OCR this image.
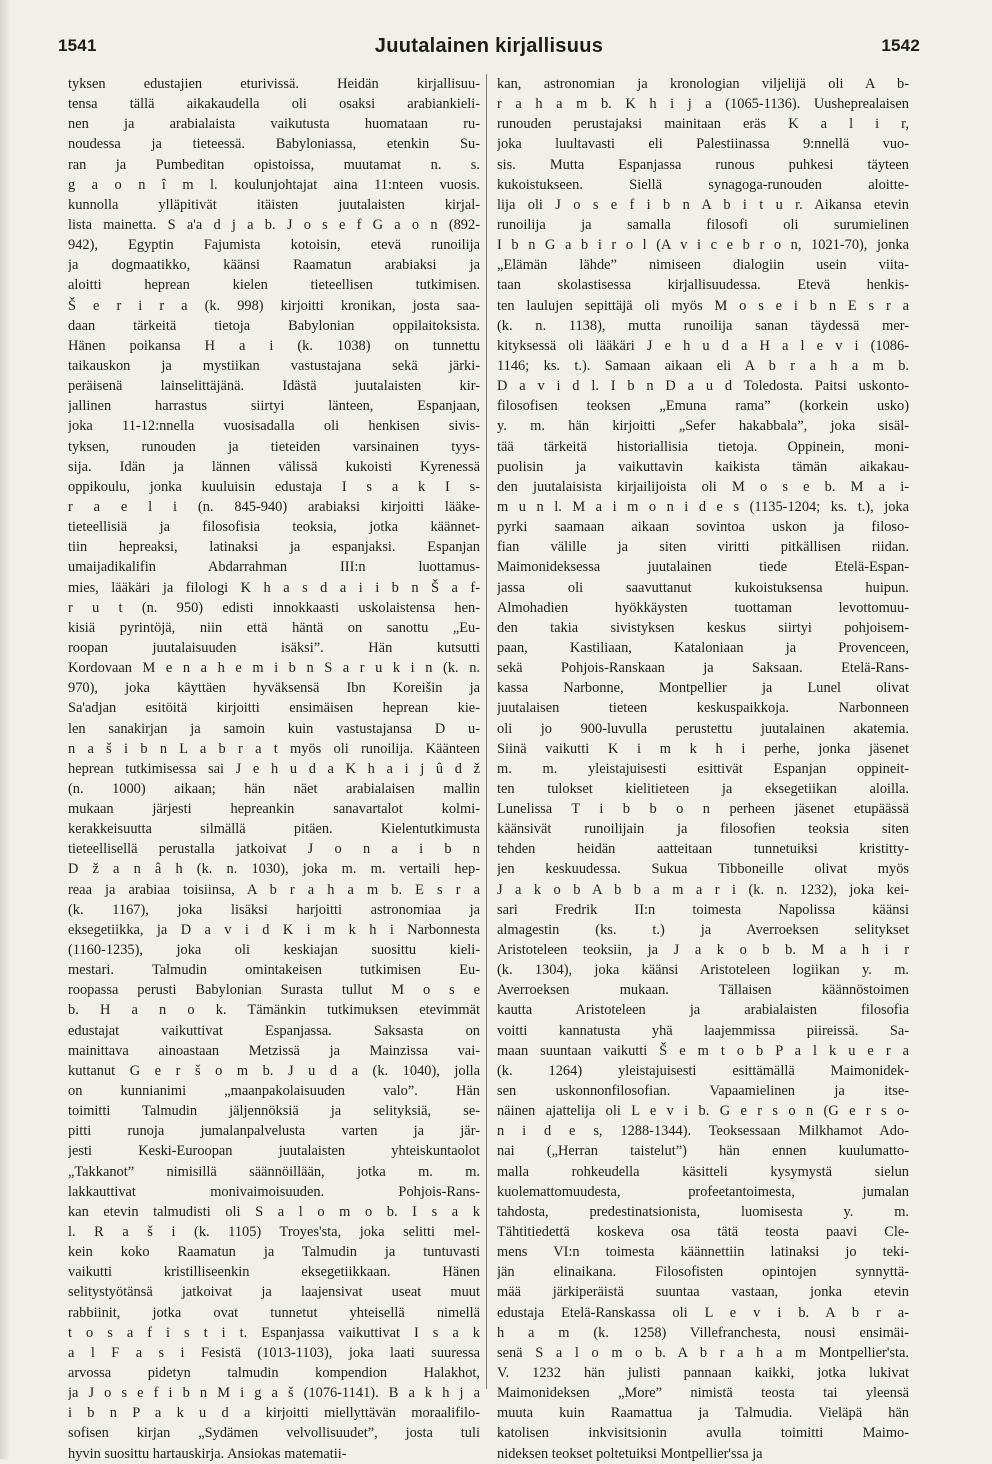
1541	Juutalainen kirjallisuus	1542

tyksen edustajien eturivissä. Heidän kirjallisuu-

tensa tällä aikakaudella oli osaksi arabiankieli-

nen ja arabialaista vaikutusta huomataan ru-

noudessa ja tieteessä. Babyloniassa, etenkin Su-

ran ja Pumbeditan opistoissa, muutamat n. s.

g a o n î m l. koulunjohtajat aina 11:nteen vuosis.

kunnolla ylläpitivät itäisten juutalaisten kirjal-

lista mainetta. S a'a d j a b. J o s e f G a o n (892-

942), Egyptin Fajumista kotoisin, etevä runoilija

ja dogmaatikko, käänsi Raamatun arabiaksi ja

aloitti heprean kielen tieteellisen tutkimisen.

Š e r i r a (k. 998) kirjoitti kronikan, josta saa-

daan tärkeitä tietoja Babylonian oppilaitoksista.

Hänen poikansa H a i (k. 1038) on tunnettu

taikauskon ja mystiikan vastustajana sekä järki-

peräisenä lainselittäjänä. Idästä juutalaisten kir-

jallinen harrastus siirtyi länteen, Espanjaan,

joka 11-12:nnella vuosisadalla oli henkisen sivis-

tyksen, runouden ja tieteiden varsinainen tyys-

sija. Idän ja lännen välissä kukoisti Kyrenessä

oppikoulu, jonka kuuluisin edustaja I s a k I s-

r a e l i (n. 845-940) arabiaksi kirjoitti lääke-

tieteellisiä ja filosofisia teoksia, jotka käännet-

tiin hepreaksi, latinaksi ja espanjaksi. Espanjan

umaijadikalifin Abdarrahman III:n luottamus-

mies, lääkäri ja filologi K h a s d a i i b n Š a f-

r u t (n. 950) edisti innokkaasti uskolaistensa hen-

kisiä pyrintöjä, niin että häntä on sanottu „Eu-

roopan juutalaisuuden isäksi”. Hän kutsutti

Kordovaan M e n a h e m i b n S a r u k i n (k. n.

970), joka käyttäen hyväksensä Ibn Koreišin ja

Sa'adjan esitöitä kirjoitti ensimäisen heprean kie-

len sanakirjan ja samoin kuin vastustajansa D u-

n a š i b n L a b r a t myös oli runoilija. Käänteen

heprean tutkimisessa sai J e h u d a K h a i j û d ž

(n. 1000) aikaan; hän näet arabialaisen mallin

mukaan järjesti hepreankin sanavartalot kolmi-

kerakkeisuutta silmällä pitäen. Kielentutkimusta

tieteellisellä perustalla jatkoivat J o n a i b n

D ž a n â h (k. n. 1030), joka m. m. vertaili hep-

reaa ja arabiaa toisiinsa, A b r a h a m b. E s r a

(k. 1167), joka lisäksi harjoitti astronomiaa ja

eksegetiikka, ja D a v i d K i m k h i Narbonnesta

(1160-1235), joka oli keskiajan suosittu kieli-

mestari. Talmudin omintakeisen tutkimisen Eu-

roopassa perusti Babylonian Surasta tullut M o s e

b. H a n o k. Tämänkin tutkimuksen etevimmät

edustajat vaikuttivat Espanjassa. Saksasta on

mainittava ainoastaan Metzissä ja Mainzissa vai-

kuttanut G e r š o m b. J u d a (k. 1040), jolla

on kunnianimi „maanpakolaisuuden valo”. Hän

toimitti Talmudin jäljennöksiä ja selityksiä, se-

pitti runoja jumalanpalvelusta varten ja jär-

jesti Keski-Euroopan juutalaisten yhteiskuntaolot

„Takkanot” nimisillä säännöillään, jotka m. m.

lakkauttivat monivaimoisuuden. Pohjois-Rans-

kan etevin talmudisti oli S a l o m o b. I s a k

l. R a š i (k. 1105) Troyes'sta, joka selitti mel-

kein koko Raamatun ja Talmudin ja tuntuvasti

vaikutti kristilliseenkin eksegetiikkaan. Hänen

selitystyötänsä jatkoivat ja laajensivat useat muut

rabbiinit, jotka ovat tunnetut yhteisellä nimellä

t o s a f i s t i t. Espanjassa vaikuttivat I s a k

a l F a s i Fesistä (1013-1103), joka laati suuressa

arvossa pidetyn talmudin kompendion Halakhot,

ja J o s e f i b n M i g a š (1076-1141). B a k h j a

i b n P a k u d a kirjoitti miellyttävän moraalifilo-

sofisen kirjan „Sydämen velvollisuudet”, josta tuli

hyvin suosittu hartauskirja. Ansiokas matematii-

kan, astronomian ja kronologian viljelijä oli A b-

r a h a m b. K h i j a (1065-1136). Uusheprealaisen

runouden perustajaksi mainitaan eräs K a l i r,

joka luultavasti eli Palestiinassa 9:nnellä vuo-

sis. Mutta Espanjassa runous puhkesi täyteen

kukoistukseen. Siellä synagoga-runouden aloitte-

lija oli J o s e f i b n A b i t u r. Aikansa etevin

runoilija ja samalla filosofi oli surumielinen

I b n G a b i r o l (A v i c e b r o n, 1021-70), jonka

„Elämän lähde” nimiseen dialogiin usein viita-

taan skolastisessa kirjallisuudessa. Etevä henkis-

ten laulujen sepittäjä oli myös M o s e i b n E s r a

(k. n. 1138), mutta runoilija sanan täydessä mer-

kityksessä oli lääkäri J e h u d a H a l e v i (1086-

1146; ks. t.). Samaan aikaan eli A b r a h a m b.

D a v i d l. I b n D a u d Toledosta. Paitsi uskonto-

filosofisen teoksen „Emuna rama” (korkein usko)

y. m. hän kirjoitti „Sefer hakabbala”, joka sisäl-

tää tärkeitä historiallisia tietoja. Oppinein, moni-

puolisin ja vaikuttavin kaikista tämän aikakau-

den juutalaisista kirjailijoista oli M o s e b. M a i-

m u n l. M a i m o n i d e s (1135-1204; ks. t.), joka

pyrki saamaan aikaan sovintoa uskon ja filoso-

fian välille ja siten viritti pitkällisen riidan.

Maimonideksessa juutalainen tiede Etelä-Espan-

jassa oli saavuttanut kukoistuksensa huipun.

Almohadien hyökkäysten tuottaman levottomuu-

den takia sivistyksen keskus siirtyi pohjoisem-

paan, Kastiliaan, Kataloniaan ja Provenceen,

sekä Pohjois-Ranskaan ja Saksaan. Etelä-Rans-

kassa Narbonne, Montpellier ja Lunel olivat

juutalaisen tieteen keskuspaikkoja. Narbonneen

oli jo 900-luvulla perustettu juutalainen akatemia.

Siinä vaikutti K i m k h i perhe, jonka jäsenet

m. m. yleistajuisesti esittivät Espanjan oppineit-

ten tulokset kielitieteen ja eksegetiikan aloilla.

Lunelissa T i b b o n perheen jäsenet etupäässä

käänsivät runoilijain ja filosofien teoksia siten

tehden heidän aatteitaan tunnetuiksi kristitty-

jen keskuudessa. Sukua Tibboneille olivat myös

J a k o b A b b a m a r i (k. n. 1232), joka kei-

sari Fredrik II:n toimesta Napolissa käänsi

almagestin (ks. t.) ja Averroeksen selitykset

Aristoteleen teoksiin, ja J a k o b b. M a h i r

(k. 1304), joka käänsi Aristoteleen logiikan y. m.

Averroeksen mukaan. Tällaisen käännöstoimen

kautta Aristoteleen ja arabialaisten filosofia

voitti kannatusta yhä laajemmissa piireissä. Sa-

maan suuntaan vaikutti Š e m t o b P a l k u e r a

(k. 1264) yleistajuisesti esittämällä Maimonidek-

sen uskonnonfilosofian. Vapaamielinen ja itse-

näinen ajattelija oli L e v i b. G e r s o n (G e r s o-

n i d e s, 1288-1344). Teoksessaan Milkhamot Ado-

nai („Herran taistelut”) hän ennen kuulumatto-

malla rohkeudella käsitteli kysymystä sielun

kuolemattomuudesta, profeetantoimesta, jumalan

tahdosta, predestinatsionista, luomisesta y. m.

Tähtitiedettä koskeva osa tätä teosta paavi Cle-

mens VI:n toimesta käännettiin latinaksi jo teki-

jän elinaikana. Filosofisten opintojen synnyttä-

mää järkiperäistä suuntaa vastaan, jonka etevin

edustaja Etelä-Ranskassa oli L e v i b. A b r a-

h a m (k. 1258) Villefranchesta, nousi ensimäi-

senä S a l o m o b. A b r a h a m Montpellier'sta.

V. 1232 hän julisti pannaan kaikki, jotka lukivat

Maimonideksen „More” nimistä teosta tai yleensä

muuta kuin Raamattua ja Talmudia. Vieläpä hän

katolisen inkvisitsionin avulla toimitti Maimo-

nideksen teokset poltetuiksi Montpellier'ssa ja
